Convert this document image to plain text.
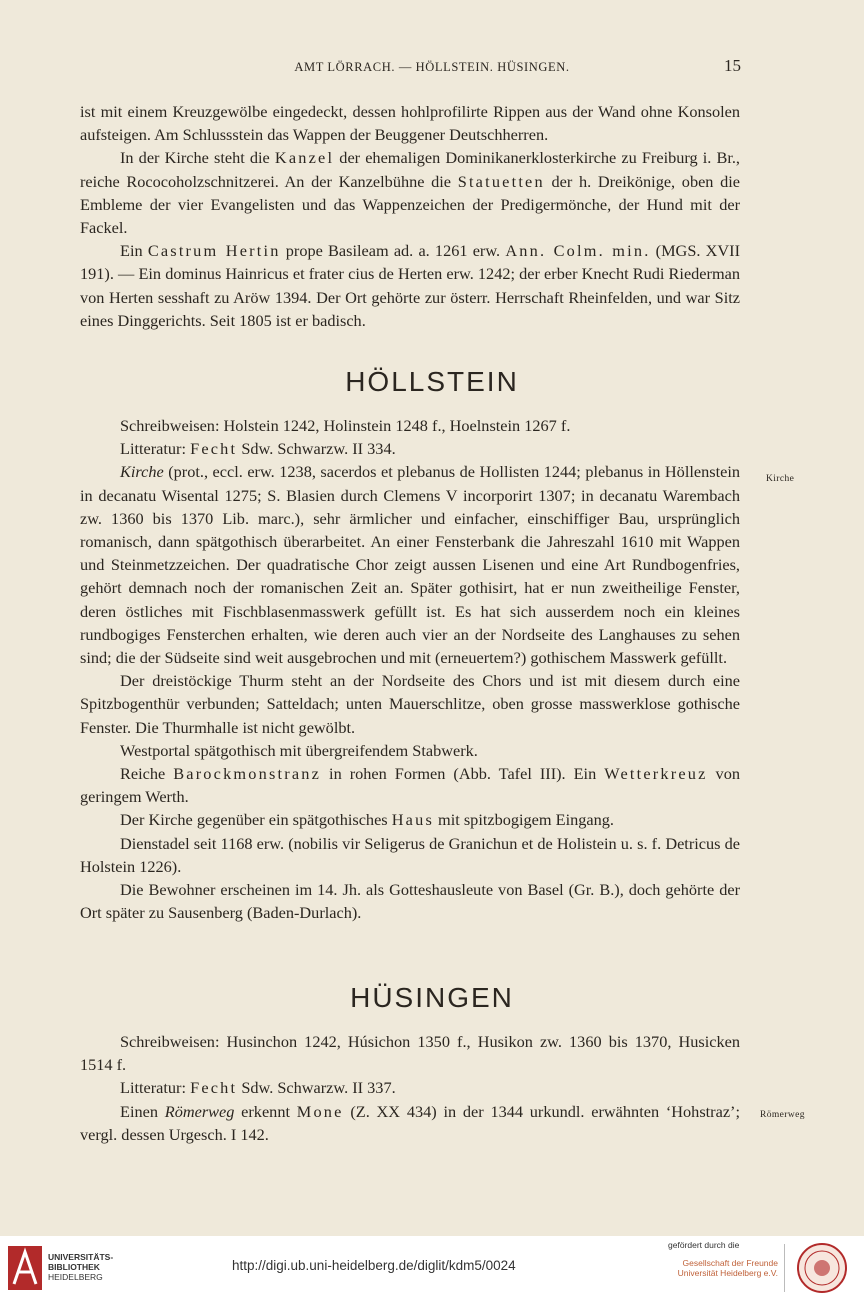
AMT LÖRRACH. — HÖLLSTEIN. HÜSINGEN.	15

ist mit einem Kreuzgewölbe eingedeckt, dessen hohlprofilirte Rippen aus der Wand ohne Konsolen aufsteigen. Am Schlussstein das Wappen der Beuggener Deutschherren.

In der Kirche steht die Kanzel der ehemaligen Dominikanerklosterkirche zu Freiburg i. Br., reiche Rococoholzschnitzerei. An der Kanzelbühne die Statuetten der h. Dreikönige, oben die Embleme der vier Evangelisten und das Wappenzeichen der Predigermönche, der Hund mit der Fackel.

Ein Castrum Hertin prope Basileam ad. a. 1261 erw. Ann. Colm. min. (MGS. XVII 191). — Ein dominus Hainricus et frater cius de Herten erw. 1242; der erber Knecht Rudi Riederman von Herten sesshaft zu Aröw 1394. Der Ort gehörte zur österr. Herrschaft Rheinfelden, und war Sitz eines Dinggerichts. Seit 1805 ist er badisch.

HÖLLSTEIN

Schreibweisen: Holstein 1242, Holinstein 1248 f., Hoelnstein 1267 f.

Litteratur: Fecht Sdw. Schwarzw. II 334.

Kirche (prot., eccl. erw. 1238, sacerdos et plebanus de Hollisten 1244; plebanus in Höllenstein in decanatu Wisental 1275; S. Blasien durch Clemens V incorporirt 1307; in decanatu Warembach zw. 1360 bis 1370 Lib. marc.), sehr ärmlicher und einfacher, einschiffiger Bau, ursprünglich romanisch, dann spätgothisch überarbeitet. An einer Fensterbank die Jahreszahl 1610 mit Wappen und Steinmetzzeichen. Der quadratische Chor zeigt aussen Lisenen und eine Art Rundbogenfries, gehört demnach noch der romanischen Zeit an. Später gothisirt, hat er nun zweitheilige Fenster, deren östliches mit Fischblasenmasswerk gefüllt ist. Es hat sich ausserdem noch ein kleines rundbogiges Fensterchen erhalten, wie deren auch vier an der Nordseite des Langhauses zu sehen sind; die der Südseite sind weit ausgebrochen und mit (erneuertem?) gothischem Masswerk gefüllt.

Der dreistöckige Thurm steht an der Nordseite des Chors und ist mit diesem durch eine Spitzbogenthür verbunden; Satteldach; unten Mauerschlitze, oben grosse masswerklose gothische Fenster. Die Thurmhalle ist nicht gewölbt.

Westportal spätgothisch mit übergreifendem Stabwerk.

Reiche Barockmonstranz in rohen Formen (Abb. Tafel III). Ein Wetterkreuz von geringem Werth.

Der Kirche gegenüber ein spätgothisches Haus mit spitzbogigem Eingang.

Dienstadel seit 1168 erw. (nobilis vir Seligerus de Granichun et de Holistein u. s. f. Detricus de Holstein 1226).

Die Bewohner erscheinen im 14. Jh. als Gotteshausleute von Basel (Gr. B.), doch gehörte der Ort später zu Sausenberg (Baden-Durlach).

Kirche
HÜSINGEN

Schreibweisen: Husinchon 1242, Húsichon 1350 f., Husikon zw. 1360 bis 1370, Husicken 1514 f.

Litteratur: Fecht Sdw. Schwarzw. II 337.

Einen Römerweg erkennt Mone (Z. XX 434) in der 1344 urkundl. erwähnten ‘Hohstraz’; vergl. dessen Urgesch. I 142.

Römerweg
UNIVERSITÄTS-
BIBLIOTHEK
HEIDELBERG
http://digi.ub.uni-heidelberg.de/diglit/kdm5/0024
gefördert durch die
Gesellschaft der Freunde
Universität Heidelberg e.V.
